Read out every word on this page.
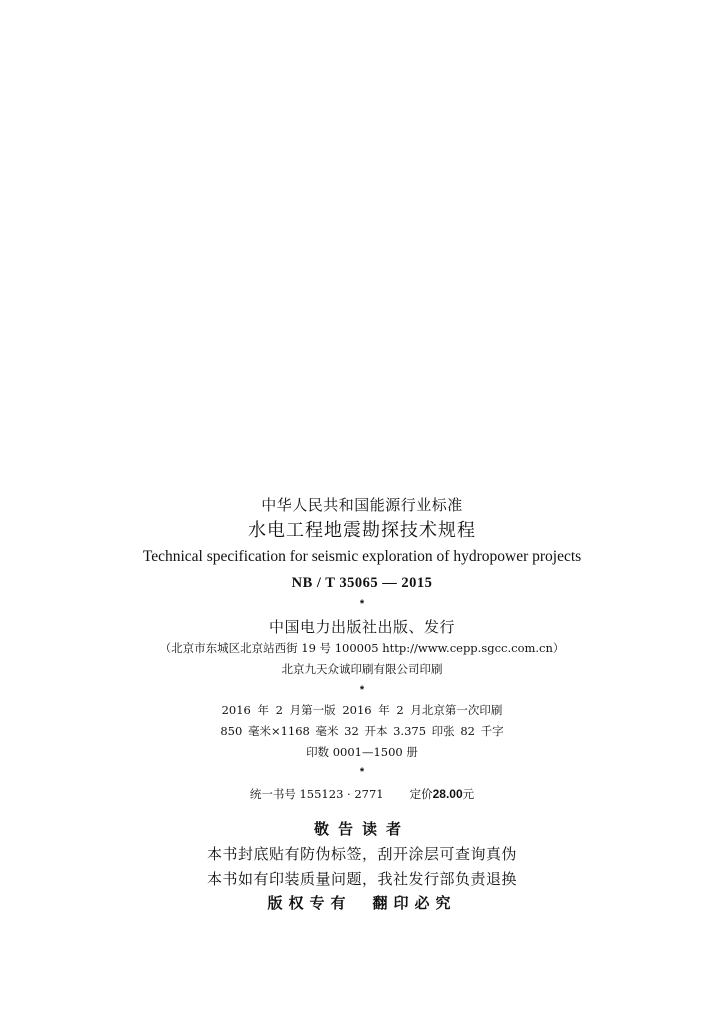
中华人民共和国能源行业标准
水电工程地震勘探技术规程
Technical specification for seismic exploration of hydropower projects
NB / T 35065 — 2015
*
中国电力出版社出版、发行
（北京市东城区北京站西街 19 号 100005 http://www.cepp.sgcc.com.cn）
北京九天众诚印刷有限公司印刷
*
2016 年 2 月第一版 2016 年 2 月北京第一次印刷
850 毫米×1168 毫米 32 开本 3.375 印张 82 千字
印数 0001—1500 册
*
统一书号 155123 · 2771 定价28.00元
敬告读者
本书封底贴有防伪标签，刮开涂层可查询真伪
本书如有印装质量问题，我社发行部负责退换
版权专有　翻印必究
